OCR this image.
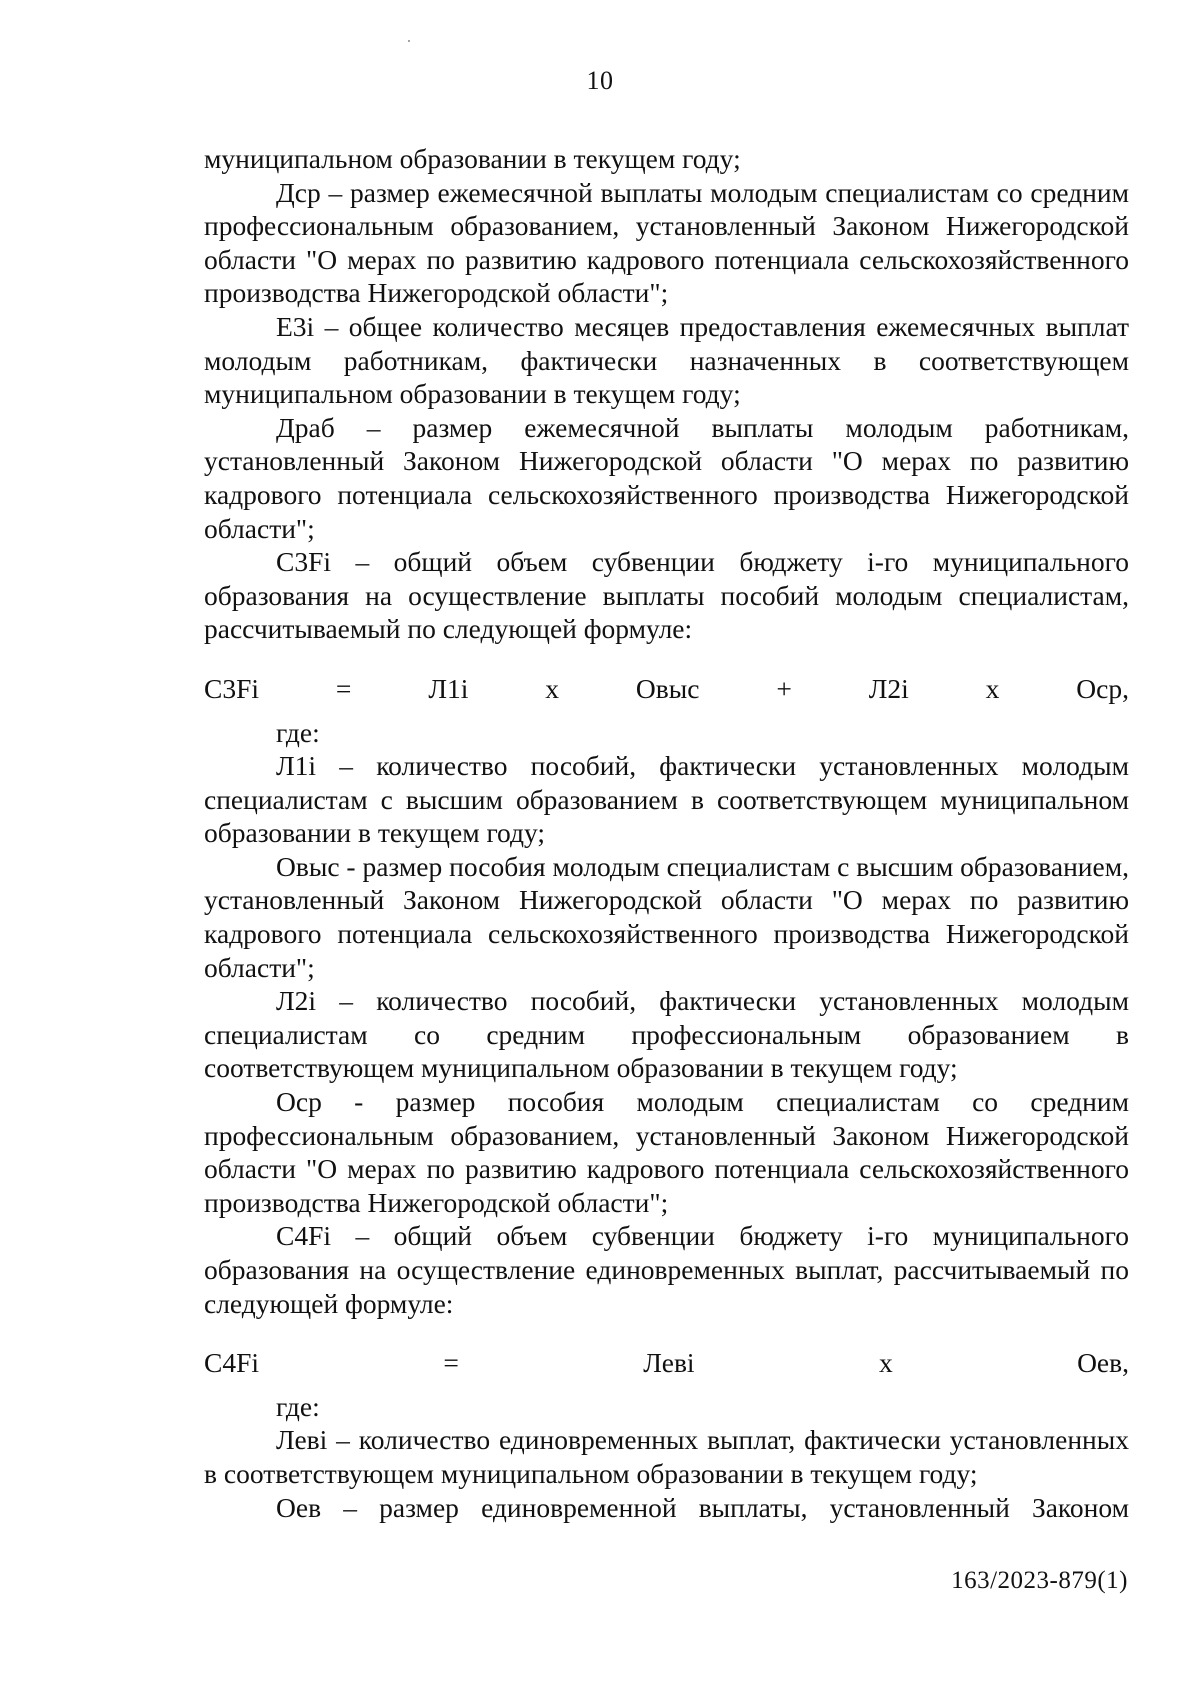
10

муниципальном образовании в текущем году;

Дср – размер ежемесячной выплаты молодым специалистам со средним профессиональным образованием, установленный Законом Нижегородской области "О мерах по развитию кадрового потенциала сельскохозяйственного производства Нижегородской области";

Е3i – общее количество месяцев предоставления ежемесячных выплат молодым работникам, фактически назначенных в соответствующем муниципальном образовании в текущем году;

Драб – размер ежемесячной выплаты молодым работникам, установленный Законом Нижегородской области "О мерах по развитию кадрового потенциала сельскохозяйственного производства Нижегородской области";

С3Fi – общий объем субвенции бюджету i-го муниципального образования на осуществление выплаты пособий молодым специалистам, рассчитываемый по следующей формуле:

С3Fi = Л1i х Овыс + Л2i х Оср,

где:

Л1i – количество пособий, фактически установленных молодым специалистам с высшим образованием в соответствующем муниципальном образовании в текущем году;

Овыс - размер пособия молодым специалистам с высшим образованием, установленный Законом Нижегородской области "О мерах по развитию кадрового потенциала сельскохозяйственного производства Нижегородской области";

Л2i – количество пособий, фактически установленных молодым специалистам со средним профессиональным образованием в соответствующем муниципальном образовании в текущем году;

Оср - размер пособия молодым специалистам со средним профессиональным образованием, установленный Законом Нижегородской области "О мерах по развитию кадрового потенциала сельскохозяйственного производства Нижегородской области";

С4Fi – общий объем субвенции бюджету i-го муниципального образования на осуществление единовременных выплат, рассчитываемый по следующей формуле:

С4Fi = Левi х Оев,

где:

Левi – количество единовременных выплат, фактически установленных в соответствующем муниципальном образовании в текущем году;

Оев – размер единовременной выплаты, установленный Законом

163/2023-879(1)
